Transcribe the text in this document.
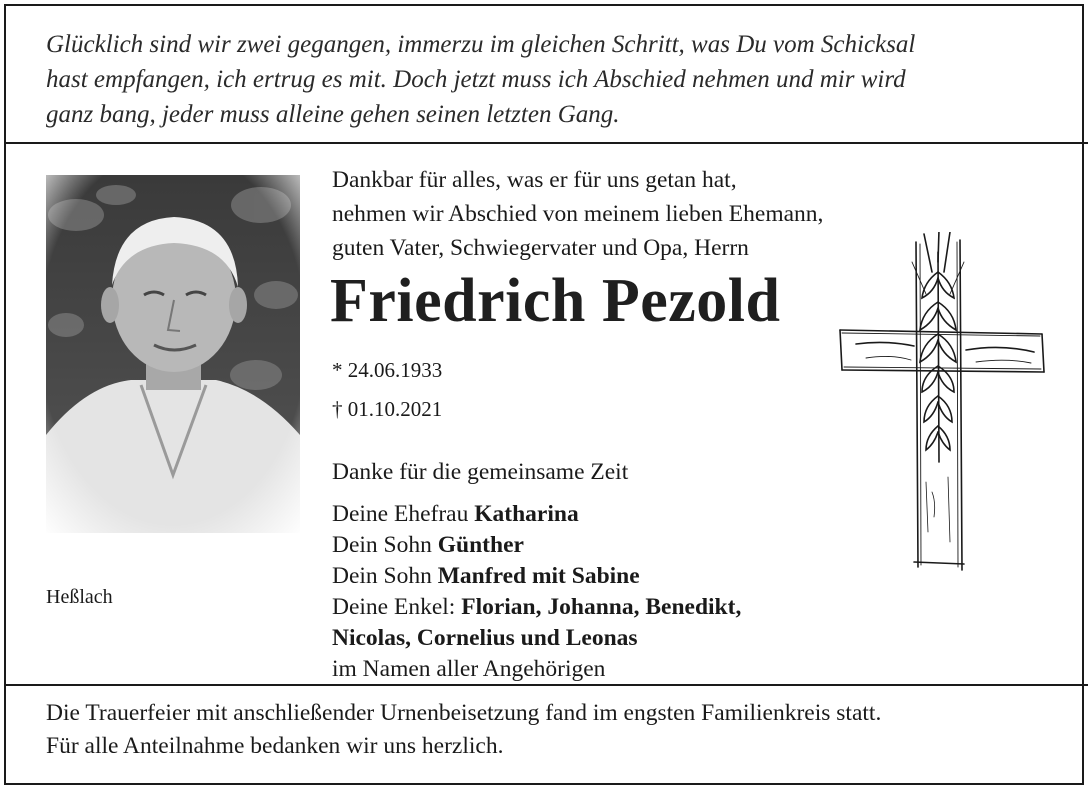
Glücklich sind wir zwei gegangen, immerzu im gleichen Schritt, was Du vom Schicksal
hast empfangen, ich ertrug es mit. Doch jetzt muss ich Abschied nehmen und mir wird
ganz bang, jeder muss alleine gehen seinen letzten Gang.
Heßlach
Dankbar für alles, was er für uns getan hat,
nehmen wir Abschied von meinem lieben Ehemann,
guten Vater, Schwiegervater und Opa, Herrn
Friedrich Pezold
* 24.06.1933
† 01.10.2021
Danke für die gemeinsame Zeit
Deine Ehefrau Katharina
Dein Sohn Günther
Dein Sohn Manfred mit Sabine
Deine Enkel: Florian, Johanna, Benedikt,
Nicolas, Cornelius und Leonas
im Namen aller Angehörigen
Die Trauerfeier mit anschließender Urnenbeisetzung fand im engsten Familienkreis statt.
Für alle Anteilnahme bedanken wir uns herzlich.
